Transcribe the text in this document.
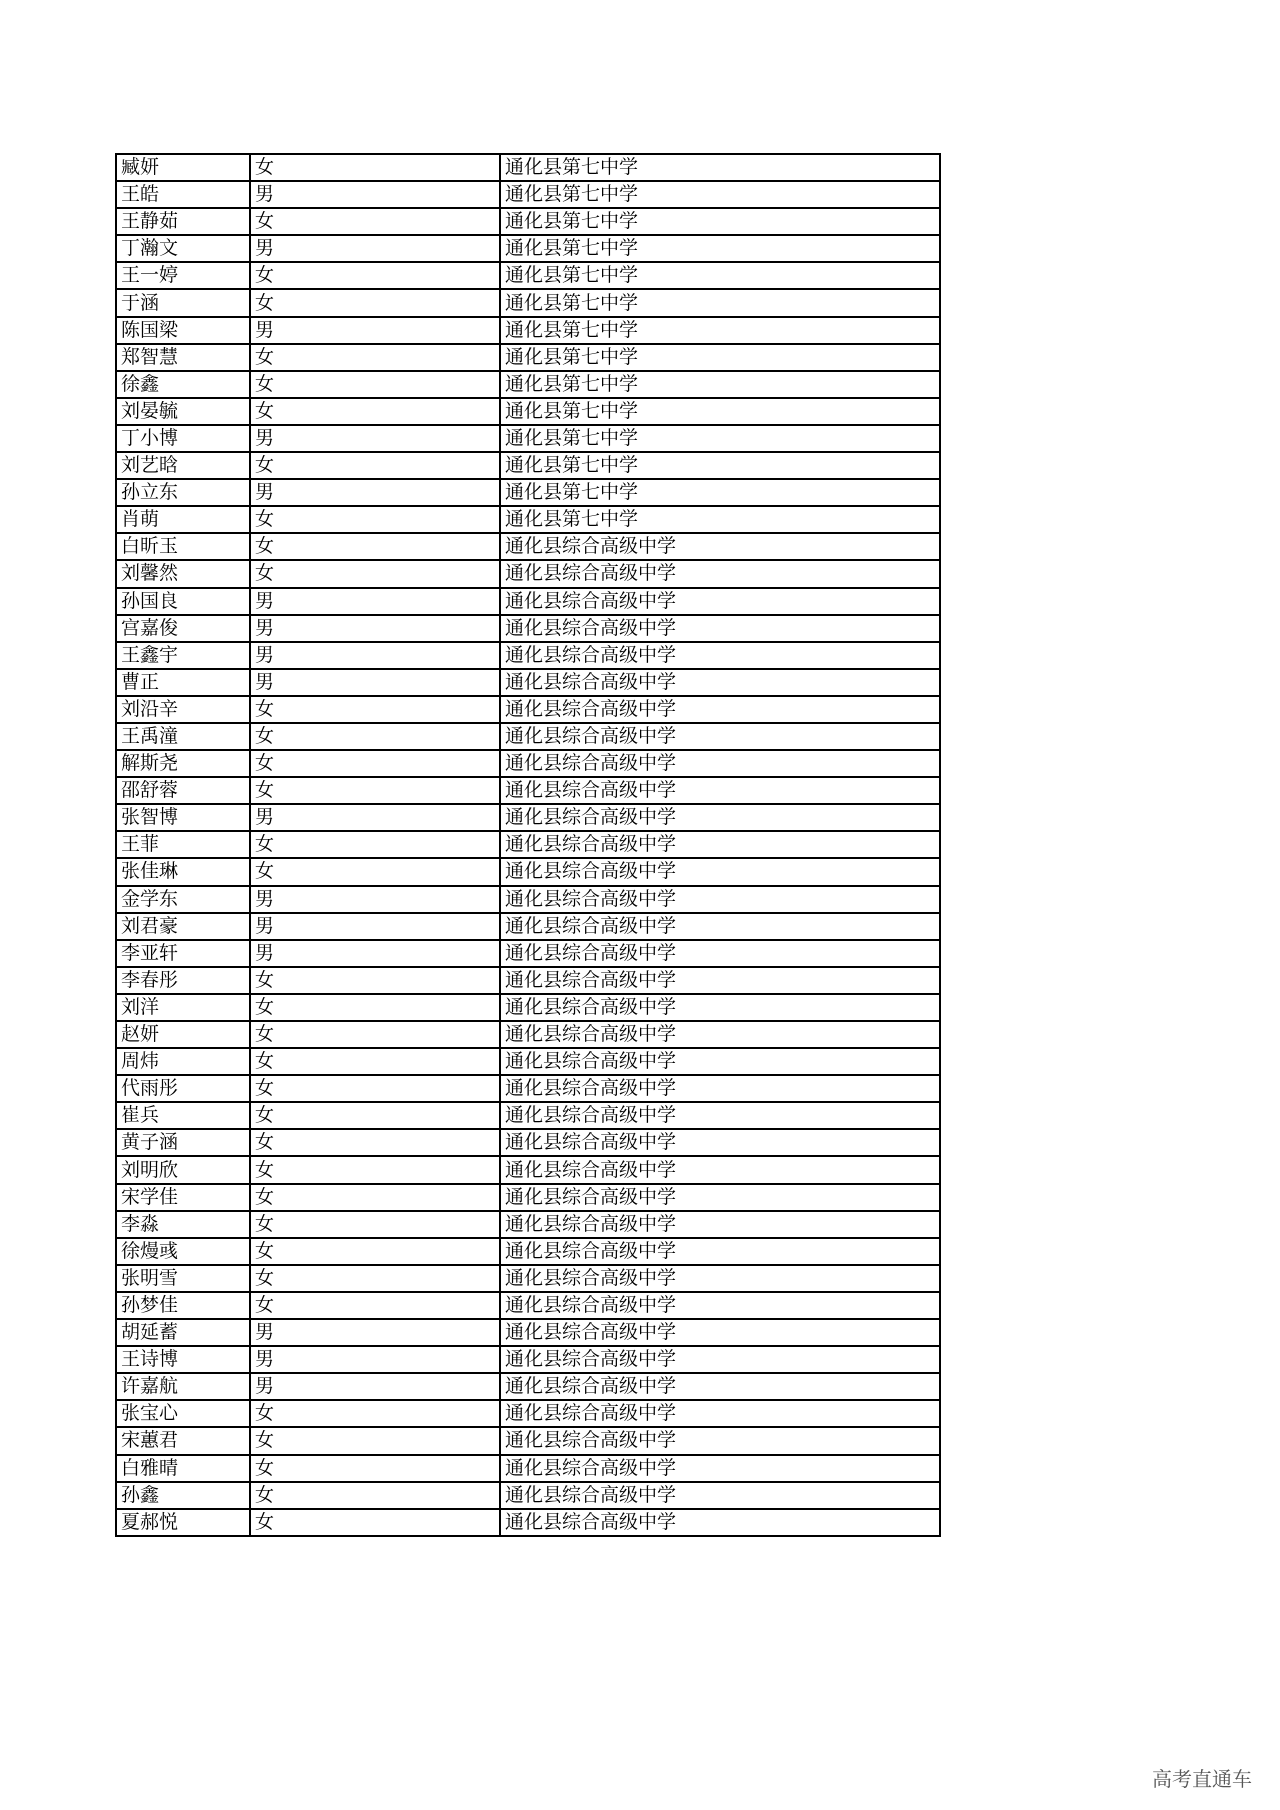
臧妍	女	通化县第七中学
王皓	男	通化县第七中学
王静茹	女	通化县第七中学
丁瀚文	男	通化县第七中学
王一婷	女	通化县第七中学
于涵	女	通化县第七中学
陈国梁	男	通化县第七中学
郑智慧	女	通化县第七中学
徐鑫	女	通化县第七中学
刘晏毓	女	通化县第七中学
丁小博	男	通化县第七中学
刘艺晗	女	通化县第七中学
孙立东	男	通化县第七中学
肖萌	女	通化县第七中学
白昕玉	女	通化县综合高级中学
刘馨然	女	通化县综合高级中学
孙国良	男	通化县综合高级中学
宫嘉俊	男	通化县综合高级中学
王鑫宇	男	通化县综合高级中学
曹正	男	通化县综合高级中学
刘沿辛	女	通化县综合高级中学
王禹潼	女	通化县综合高级中学
解斯尧	女	通化县综合高级中学
邵舒蓉	女	通化县综合高级中学
张智博	男	通化县综合高级中学
王菲	女	通化县综合高级中学
张佳琳	女	通化县综合高级中学
金学东	男	通化县综合高级中学
刘君豪	男	通化县综合高级中学
李亚轩	男	通化县综合高级中学
李春彤	女	通化县综合高级中学
刘洋	女	通化县综合高级中学
赵妍	女	通化县综合高级中学
周炜	女	通化县综合高级中学
代雨彤	女	通化县综合高级中学
崔兵	女	通化县综合高级中学
黄子涵	女	通化县综合高级中学
刘明欣	女	通化县综合高级中学
宋学佳	女	通化县综合高级中学
李淼	女	通化县综合高级中学
徐熳彧	女	通化县综合高级中学
张明雪	女	通化县综合高级中学
孙梦佳	女	通化县综合高级中学
胡延蓄	男	通化县综合高级中学
王诗博	男	通化县综合高级中学
许嘉航	男	通化县综合高级中学
张宝心	女	通化县综合高级中学
宋蕙君	女	通化县综合高级中学
白雅晴	女	通化县综合高级中学
孙鑫	女	通化县综合高级中学
夏郝悦	女	通化县综合高级中学
高考直通车
